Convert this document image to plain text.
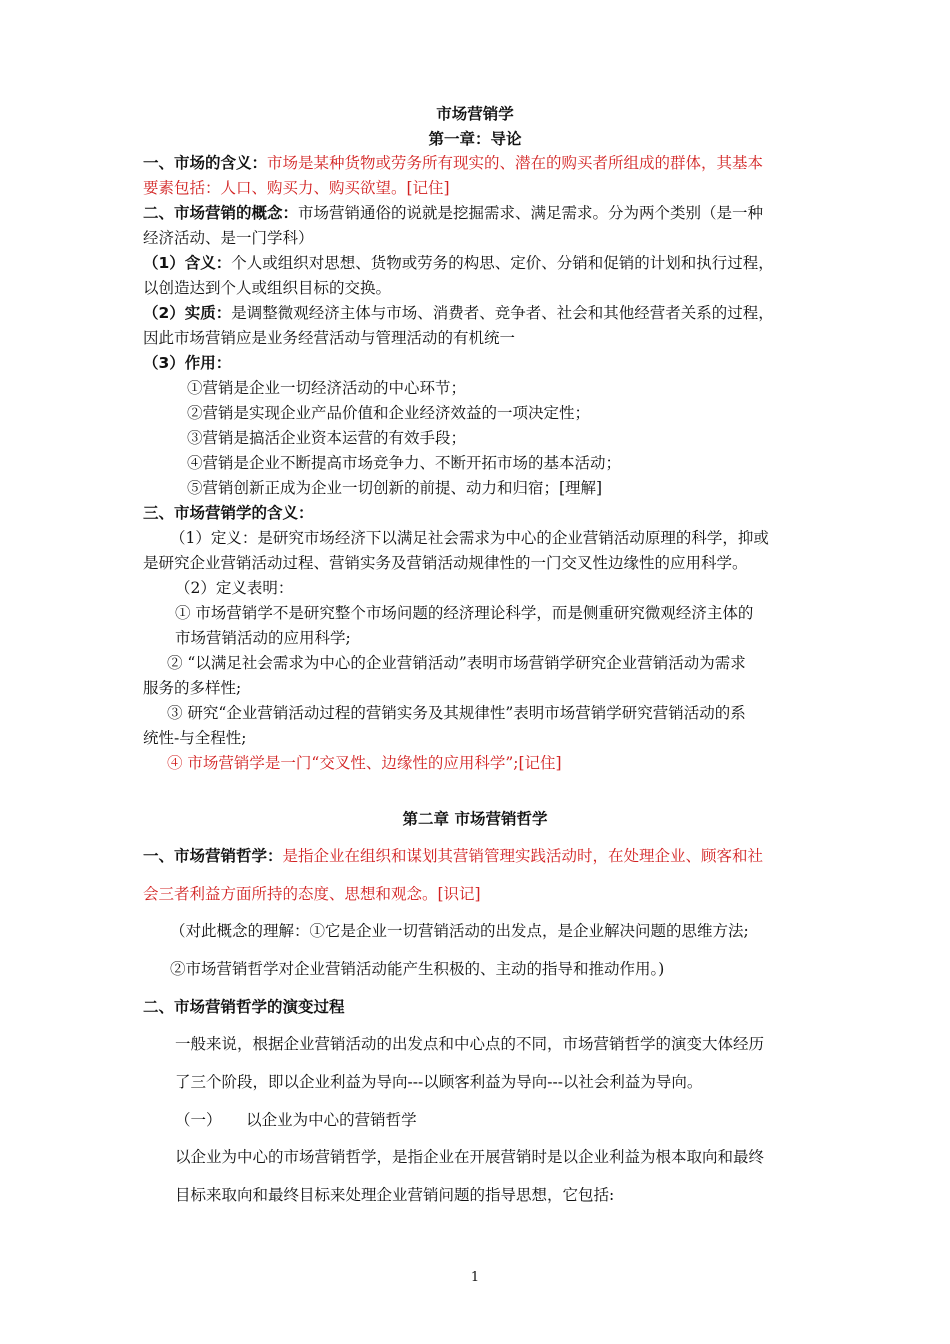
市场营销学
第一章：导论
一、市场的含义：市场是某种货物或劳务所有现实的、潜在的购买者所组成的群体，其基本
要素包括：人口、购买力、购买欲望。[记住]
二、市场营销的概念：市场营销通俗的说就是挖掘需求、满足需求。分为两个类别（是一种
经济活动、是一门学科）
（1）含义：个人或组织对思想、货物或劳务的构思、定价、分销和促销的计划和执行过程，
以创造达到个人或组织目标的交换。
（2）实质：是调整微观经济主体与市场、消费者、竞争者、社会和其他经营者关系的过程，
因此市场营销应是业务经营活动与管理活动的有机统一
（3）作用：
①营销是企业一切经济活动的中心环节；
②营销是实现企业产品价值和企业经济效益的一项决定性；
③营销是搞活企业资本运营的有效手段；
④营销是企业不断提高市场竞争力、不断开拓市场的基本活动；
⑤营销创新正成为企业一切创新的前提、动力和归宿；[理解]
三、市场营销学的含义：
（1）定义：是研究市场经济下以满足社会需求为中心的企业营销活动原理的科学，抑或
是研究企业营销活动过程、营销实务及营销活动规律性的一门交叉性边缘性的应用科学。
（2）定义表明：
① 市场营销学不是研究整个市场问题的经济理论科学，而是侧重研究微观经济主体的
市场营销活动的应用科学;
② “以满足社会需求为中心的企业营销活动”表明市场营销学研究企业营销活动为需求
服务的多样性;
③ 研究“企业营销活动过程的营销实务及其规律性”表明市场营销学研究营销活动的系
统性-与全程性;
④ 市场营销学是一门“交叉性、边缘性的应用科学”;[记住]
第二章 市场营销哲学
一、市场营销哲学：是指企业在组织和谋划其营销管理实践活动时，在处理企业、顾客和社
会三者利益方面所持的态度、思想和观念。[识记]
（对此概念的理解：①它是企业一切营销活动的出发点，是企业解决问题的思维方法;
②市场营销哲学对企业营销活动能产生积极的、主动的指导和推动作用。)
二、市场营销哲学的演变过程
一般来说，根据企业营销活动的出发点和中心点的不同，市场营销哲学的演变大体经历
了三个阶段，即以企业利益为导向---以顾客利益为导向---以社会利益为导向。
（一）     以企业为中心的营销哲学
以企业为中心的市场营销哲学，是指企业在开展营销时是以企业利益为根本取向和最终
目标来取向和最终目标来处理企业营销问题的指导思想，它包括:
1
